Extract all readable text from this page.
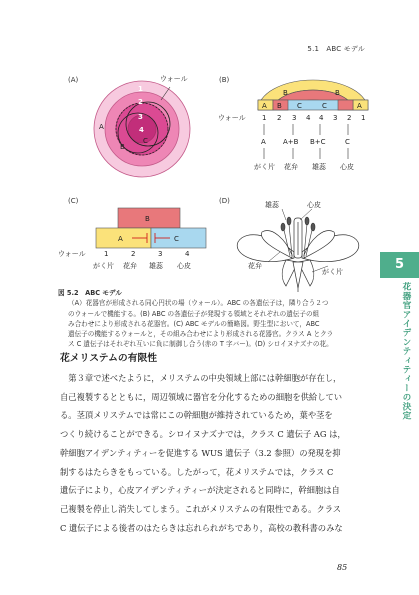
5.1　ABC モデル
(A)	ウォール
1
2
3
4
A
B
C
(B)
B	B
A B C	C	A
ウォール 1 2 3 4 4 3 2 1
A A+B B+C	C
がく片 花弁 雄蕊 心皮
(C)
B
A	C
ウォール	1	2	3	4
がく片 花弁 雄蕊 心皮
(D)	雄蕊	心皮
花弁
がく片
図 5.2　ABC モデル

（A）花器官が形成される同心円状の場（ウォール）。ABC の各遺伝子は，隣り合う２つ

のウォールで機能する。(B) ABC の各遺伝子が発現する領域とそれぞれの遺伝子の組

み合わせにより形成される花器官。(C) ABC モデルの簡略図。野生型において，ABC

遺伝子の機能するウォールと，その組み合わせにより形成される花器官。クラス A とクラ

ス C 遺伝子はそれぞれ互いに負に制御し合う(赤の T 字バー)。(D) シロイヌナズナの花。

花メリステムの有限性
　第３章で述べたように，メリステムの中央領域上部には幹細胞が存在し，
自己複製するとともに，周辺領域に器官を分化するための細胞を供給してい
る。茎頂メリステムでは常にこの幹細胞が維持されているため，葉や茎を
つくり続けることができる。シロイヌナズナでは，クラス C 遺伝子 AG は，
幹細胞アイデンティティーを促進する WUS 遺伝子（3.2 参照）の発現を抑
制するはたらきをもっている。したがって，花メリステムでは，クラス C
遺伝子により，心皮アイデンティティーが決定されると同時に，幹細胞は自
己複製を停止し消失してしまう。これがメリステムの有限性である。クラス
C 遺伝子による後者のはたらきは忘れられがちであり，高校の教科書のみな
85
5
花器官アイデンティティーの決定
